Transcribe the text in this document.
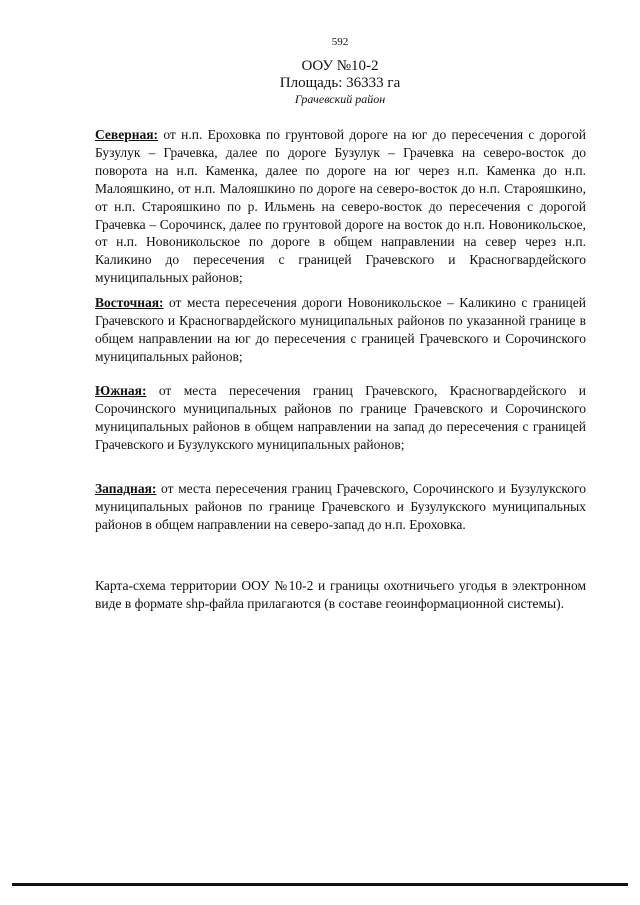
592
ООУ №10-2
Площадь: 36333 га
Грачевский район

Северная: от н.п. Ероховка по грунтовой дороге на юг до пересечения с дорогой Бузулук – Грачевка, далее по дороге Бузулук – Грачевка на северо-восток до поворота на н.п. Каменка, далее по дороге на юг через н.п. Каменка до н.п. Малояшкино, от н.п. Малояшкино по дороге на северо-восток до н.п. Старояшкино, от н.п. Старояшкино по р. Ильмень на северо-восток до пересечения с дорогой Грачевка – Сорочинск, далее по грунтовой дороге на восток до н.п. Новоникольское, от н.п. Новоникольское по дороге в общем направлении на север через н.п. Каликино до пересечения с границей Грачевского и Красногвардейского муниципальных районов;

Восточная: от места пересечения дороги Новоникольское – Каликино с границей Грачевского и Красногвардейского муниципальных районов по указанной границе в общем направлении на юг до пересечения с границей Грачевского и Сорочинского муниципальных районов;

Южная: от места пересечения границ Грачевского, Красногвардейского и Сорочинского муниципальных районов по границе Грачевского и Сорочинского муниципальных районов в общем направлении на запад до пересечения с границей Грачевского и Бузулукского муниципальных районов;

Западная: от места пересечения границ Грачевского, Сорочинского и Бузулукского муниципальных районов по границе Грачевского и Бузулукского муниципальных районов в общем направлении на северо-запад до н.п. Ероховка.

Карта-схема территории ООУ №10-2 и границы охотничьего угодья в электронном виде в формате shp-файла прилагаются (в составе геоинформационной системы).
